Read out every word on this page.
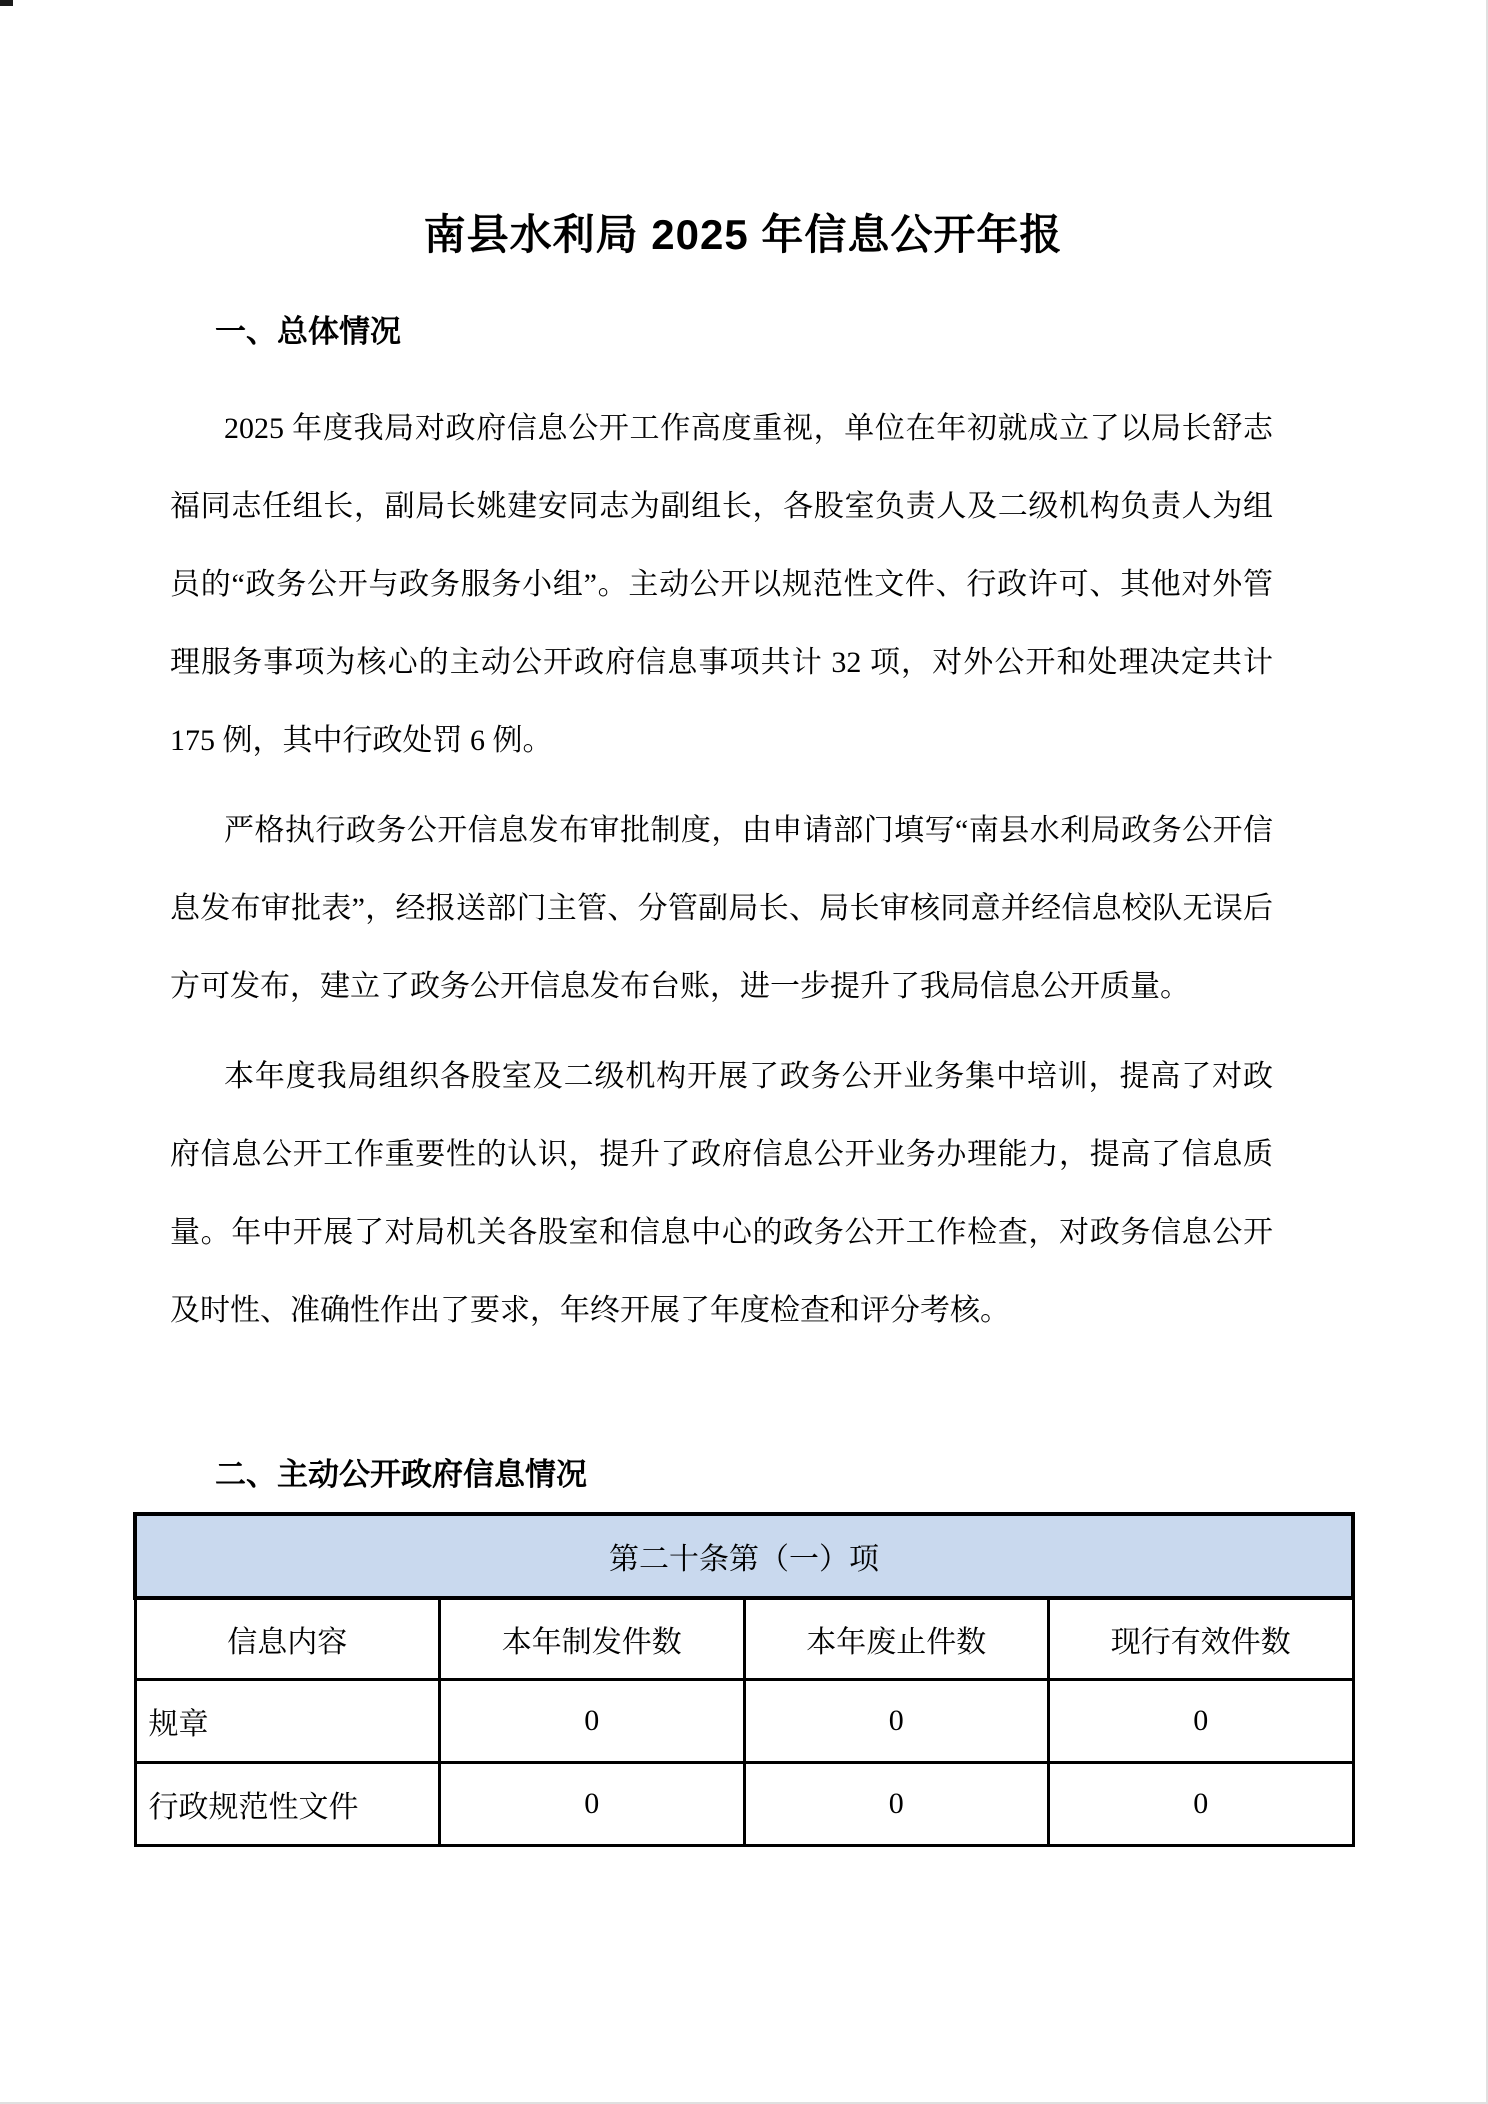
南县水利局 2025 年信息公开年报
一、总体情况

2025 年度我局对政府信息公开工作高度重视，单位在年初就成立了以局长舒志福同志任组长，副局长姚建安同志为副组长，各股室负责人及二级机构负责人为组员的“政务公开与政务服务小组”。主动公开以规范性文件、行政许可、其他对外管理服务事项为核心的主动公开政府信息事项共计 32 项，对外公开和处理决定共计 175 例，其中行政处罚 6 例。

严格执行政务公开信息发布审批制度，由申请部门填写“南县水利局政务公开信息发布审批表”，经报送部门主管、分管副局长、局长审核同意并经信息校队无误后方可发布，建立了政务公开信息发布台账，进一步提升了我局信息公开质量。

本年度我局组织各股室及二级机构开展了政务公开业务集中培训，提高了对政府信息公开工作重要性的认识，提升了政府信息公开业务办理能力，提高了信息质量。年中开展了对局机关各股室和信息中心的政务公开工作检查，对政务信息公开及时性、准确性作出了要求，年终开展了年度检查和评分考核。

二、主动公开政府信息情况
第二十条第（一）项			
信息内容	本年制发件数	本年废止件数	现行有效件数
规章	0	0	0
行政规范性文件	0	0	0
